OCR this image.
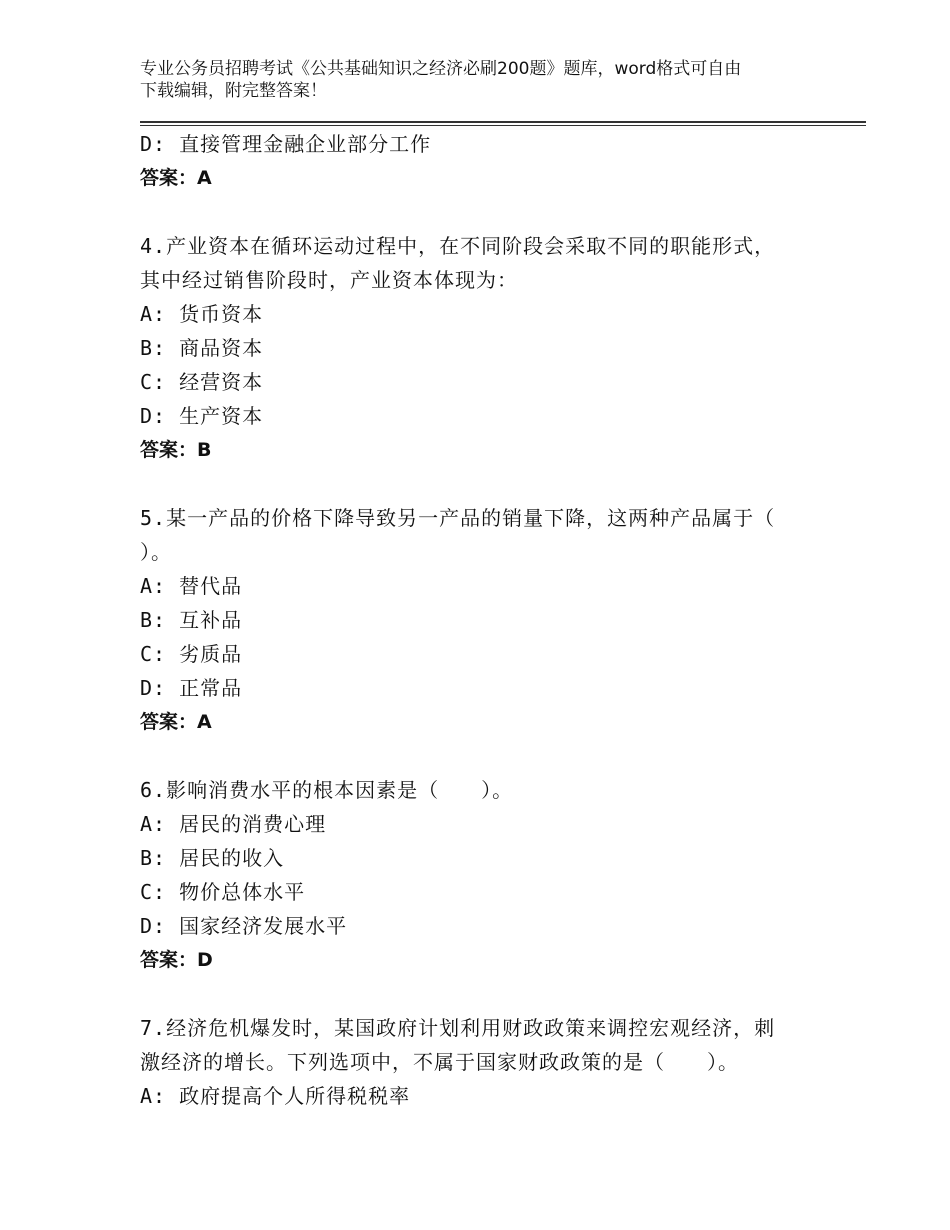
专业公务员招聘考试《公共基础知识之经济必刷200题》题库，word格式可自由
下载编辑，附完整答案！
D: 直接管理金融企业部分工作
答案：A
4.产业资本在循环运动过程中，在不同阶段会采取不同的职能形式，
其中经过销售阶段时，产业资本体现为：
A: 货币资本
B: 商品资本
C: 经营资本
D: 生产资本
答案：B
5.某一产品的价格下降导致另一产品的销量下降，这两种产品属于（
）。
A: 替代品
B: 互补品
C: 劣质品
D: 正常品
答案：A
6.影响消费水平的根本因素是（　　）。
A: 居民的消费心理
B: 居民的收入
C: 物价总体水平
D: 国家经济发展水平
答案：D
7.经济危机爆发时，某国政府计划利用财政政策来调控宏观经济，刺
激经济的增长。下列选项中，不属于国家财政政策的是（　　）。
A: 政府提高个人所得税税率
